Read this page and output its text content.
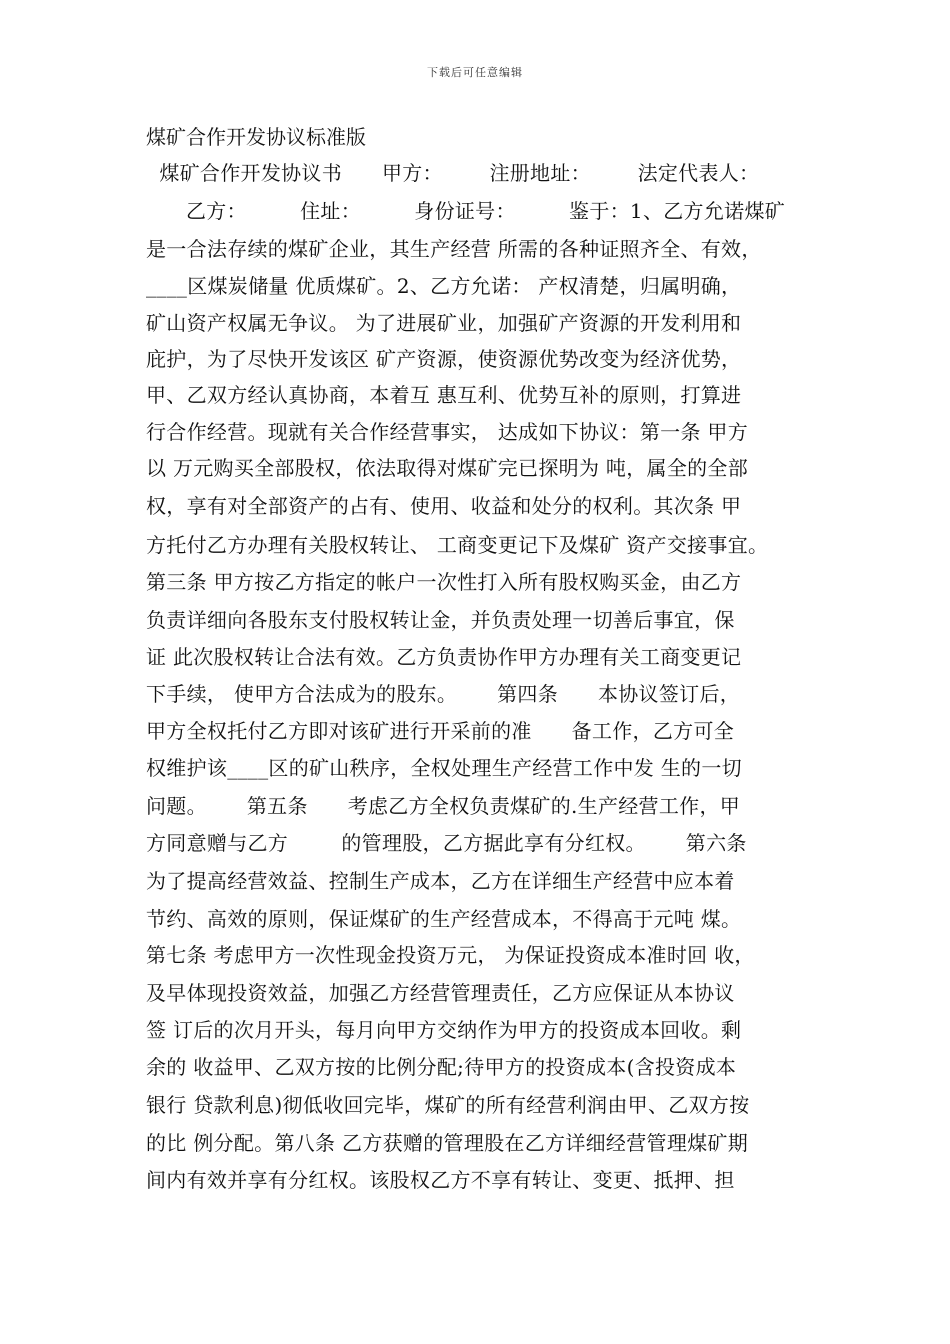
下载后可任意编辑
煤矿合作开发协议标准版
煤矿合作开发协议书      甲方：       注册地址：       法定代表人：
乙方：        住址：        身份证号：        鉴于：1、乙方允诺煤矿
是一合法存续的煤矿企业，其生产经营 所需的各种证照齐全、有效，
____区煤炭储量 优质煤矿。2、乙方允诺： 产权清楚，归属明确，
矿山资产权属无争议。 为了进展矿业，加强矿产资源的开发利用和
庇护，为了尽快开发该区 矿产资源，使资源优势改变为经济优势，
甲、乙双方经认真协商，本着互 惠互利、优势互补的原则，打算进
行合作经营。现就有关合作经营事实， 达成如下协议：第一条 甲方
以 万元购买全部股权，依法取得对煤矿完已探明为 吨，属全的全部
权，享有对全部资产的占有、使用、收益和处分的权利。其次条 甲
方托付乙方办理有关股权转让、 工商变更记下及煤矿 资产交接事宜。
第三条 甲方按乙方指定的帐户一次性打入所有股权购买金，由乙方
负责详细向各股东支付股权转让金，并负责处理一切善后事宜，保
证 此次股权转让合法有效。乙方负责协作甲方办理有关工商变更记
下手续， 使甲方合法成为的股东。      第四条      本协议签订后，
甲方全权托付乙方即对该矿进行开采前的准      备工作，乙方可全
权维护该____区的矿山秩序，全权处理生产经营工作中发 生的一切
问题。      第五条      考虑乙方全权负责煤矿的.生产经营工作，甲
方同意赠与乙方        的管理股，乙方据此享有分红权。      第六条
为了提高经营效益、控制生产成本，乙方在详细生产经营中应本着
节约、高效的原则，保证煤矿的生产经营成本，不得高于元吨 煤。
第七条 考虑甲方一次性现金投资万元， 为保证投资成本准时回 收，
及早体现投资效益，加强乙方经营管理责任，乙方应保证从本协议
签 订后的次月开头，每月向甲方交纳作为甲方的投资成本回收。剩
余的 收益甲、乙双方按的比例分配;待甲方的投资成本(含投资成本
银行 贷款利息)彻低收回完毕，煤矿的所有经营利润由甲、乙双方按
的比 例分配。第八条 乙方获赠的管理股在乙方详细经营管理煤矿期
间内有效并享有分红权。该股权乙方不享有转让、变更、抵押、担
